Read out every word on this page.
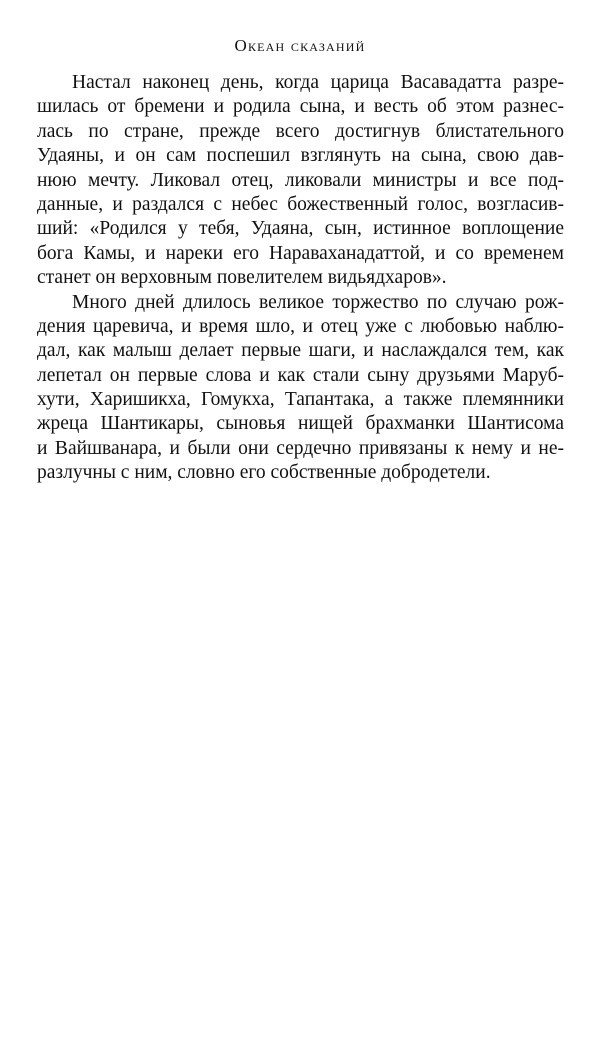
Океан сказаний
Настал наконец день, когда царица Васавадатта разре-
шилась от бремени и родила сына, и весть об этом разнес-
лась по стране, прежде всего достигнув блистательного
Удаяны, и он сам поспешил взглянуть на сына, свою дав-
нюю мечту. Ликовал отец, ликовали министры и все под-
данные, и раздался с небес божественный голос, возгласив-
ший: «Родился у тебя, Удаяна, сын, истинное воплощение
бога Камы, и нареки его Нараваханадаттой, и со временем
станет он верховным повелителем видьядхаров».
Много дней длилось великое торжество по случаю рож-
дения царевича, и время шло, и отец уже с любовью наблю-
дал, как малыш делает первые шаги, и наслаждался тем, как
лепетал он первые слова и как стали сыну друзьями Маруб-
хути, Харишикха, Гомукха, Тапантака, а также племянники
жреца Шантикары, сыновья нищей брахманки Шантисома
и Вайшванара, и были они сердечно привязаны к нему и не-
разлучны с ним, словно его собственные добродетели.
